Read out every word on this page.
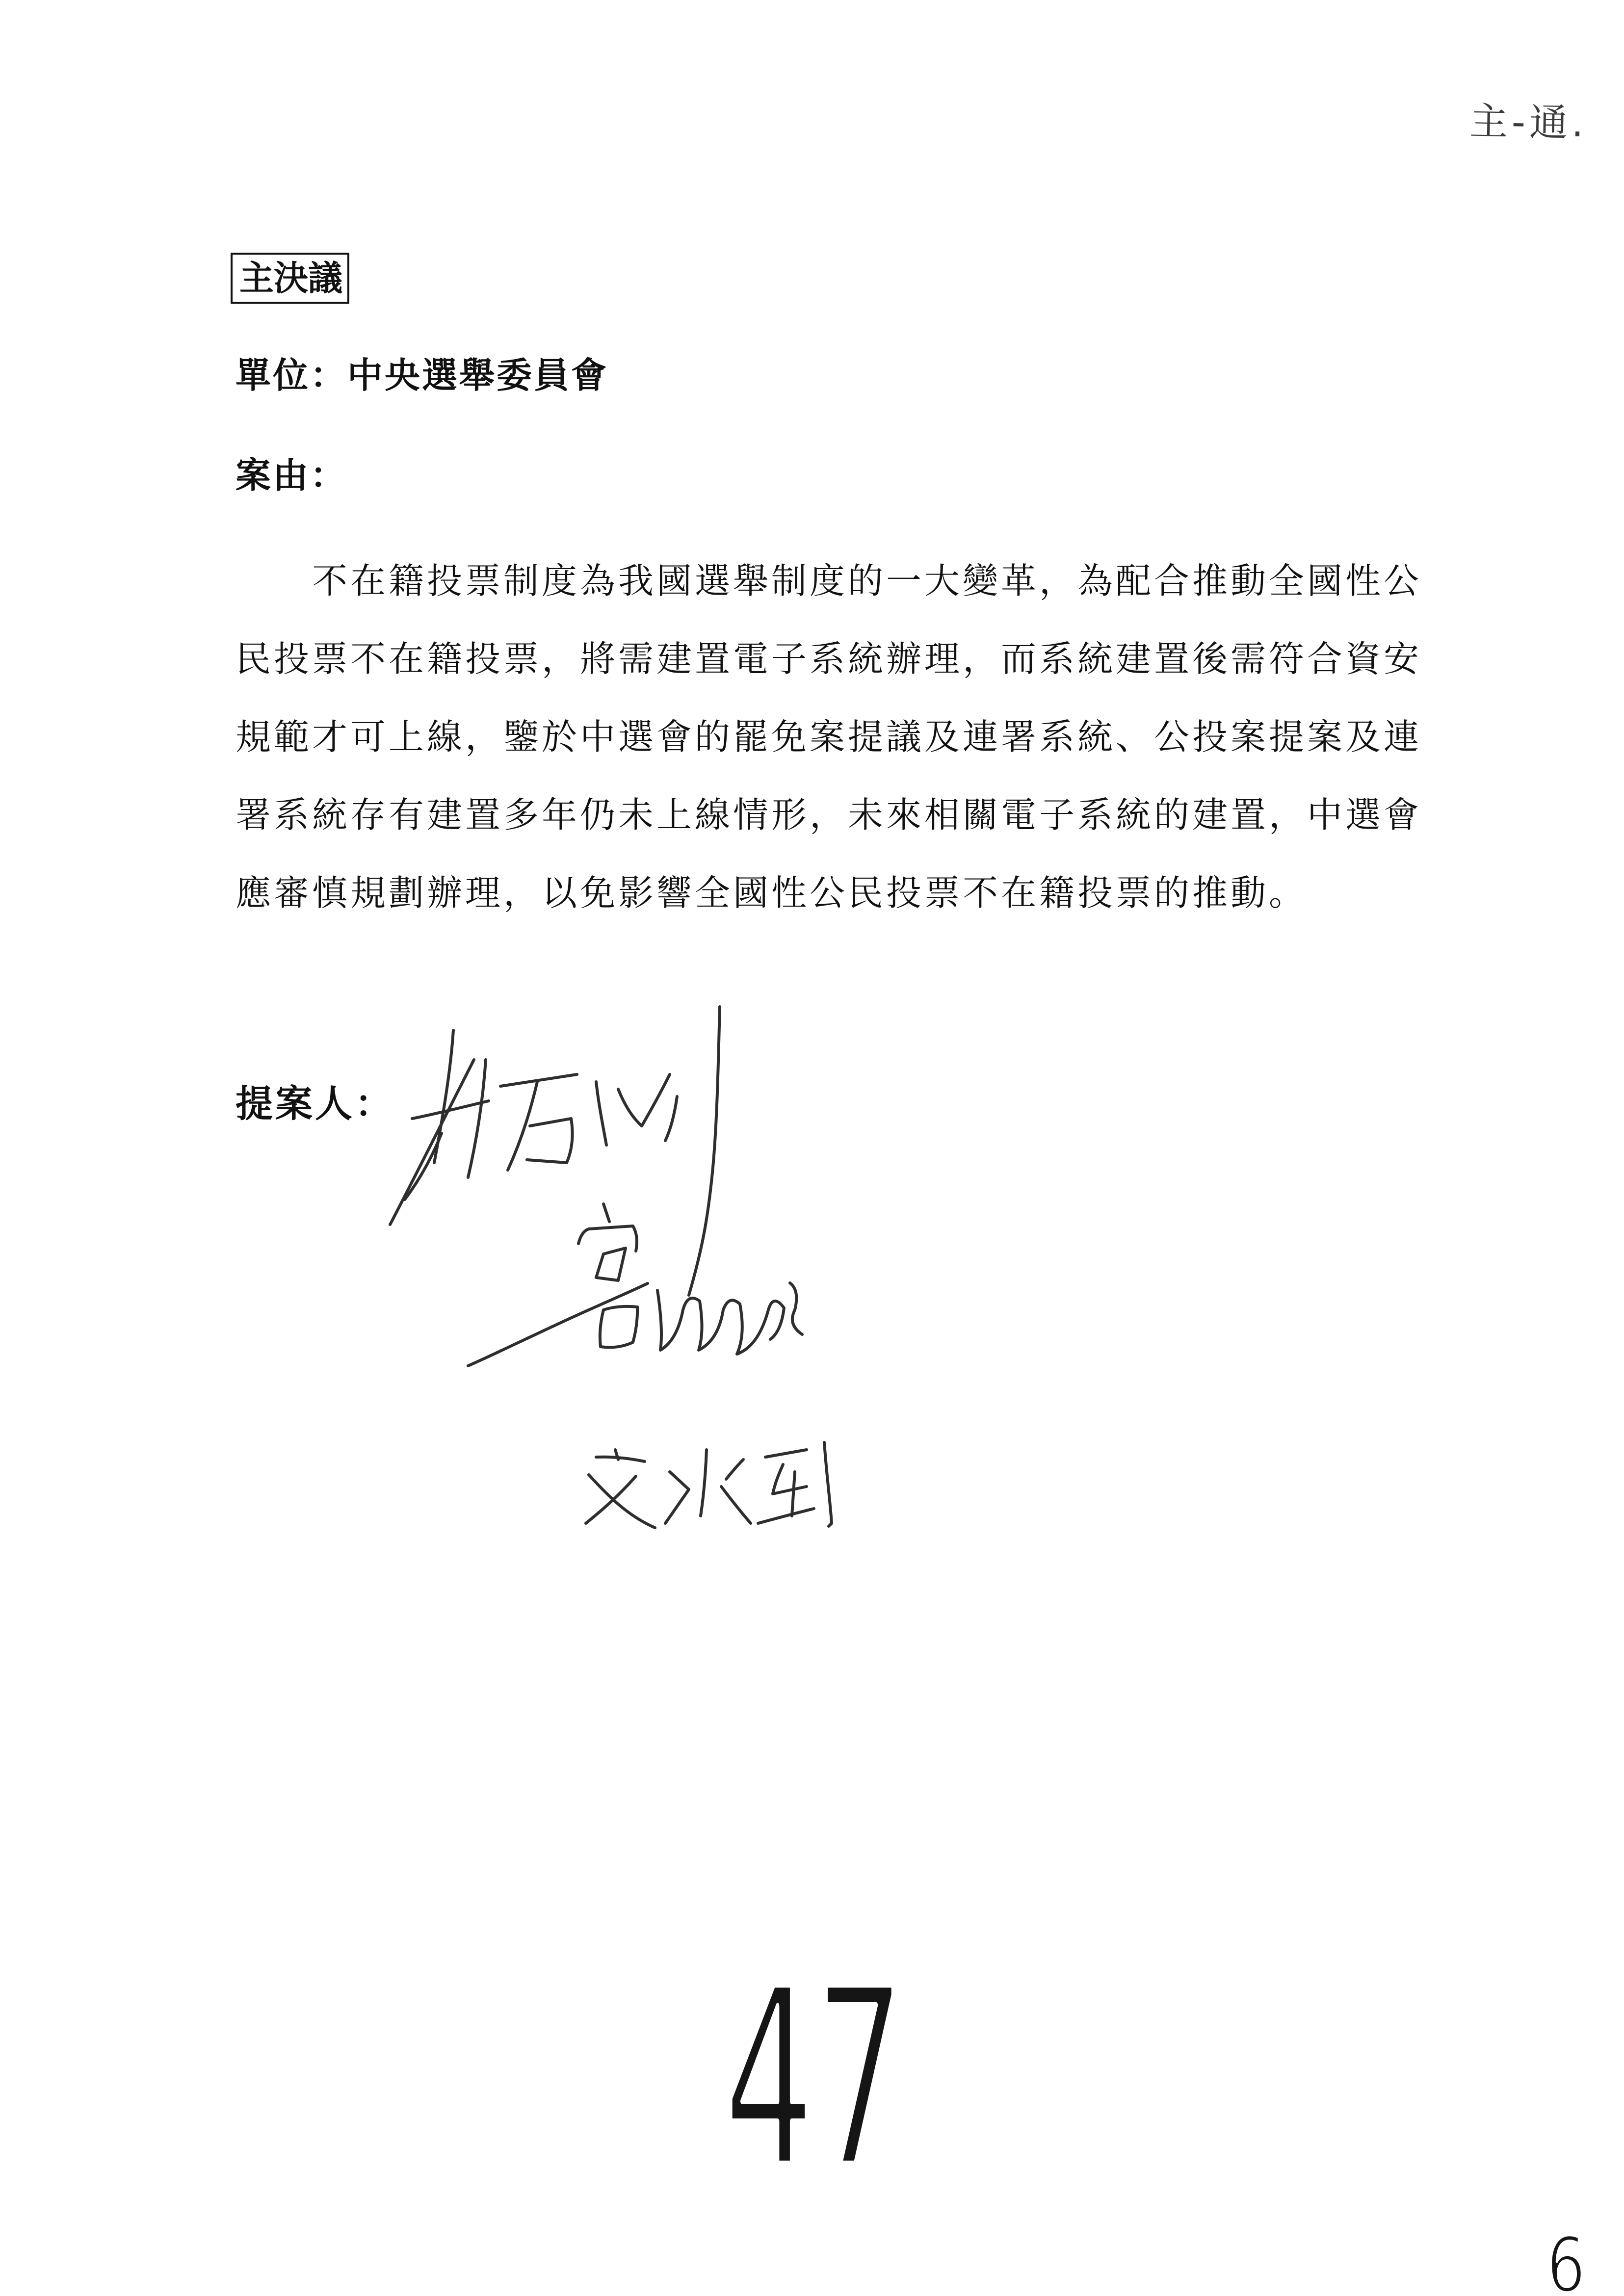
主-通.
主決議
單位：中央選舉委員會
案由：
不在籍投票制度為我國選舉制度的一大變革，為配合推動全國性公
民投票不在籍投票，將需建置電子系統辦理，而系統建置後需符合資安
規範才可上線，鑒於中選會的罷免案提議及連署系統、公投案提案及連
署系統存有建置多年仍未上線情形，未來相關電子系統的建置，中選會
應審慎規劃辦理，以免影響全國性公民投票不在籍投票的推動。
提案人：
47
6
